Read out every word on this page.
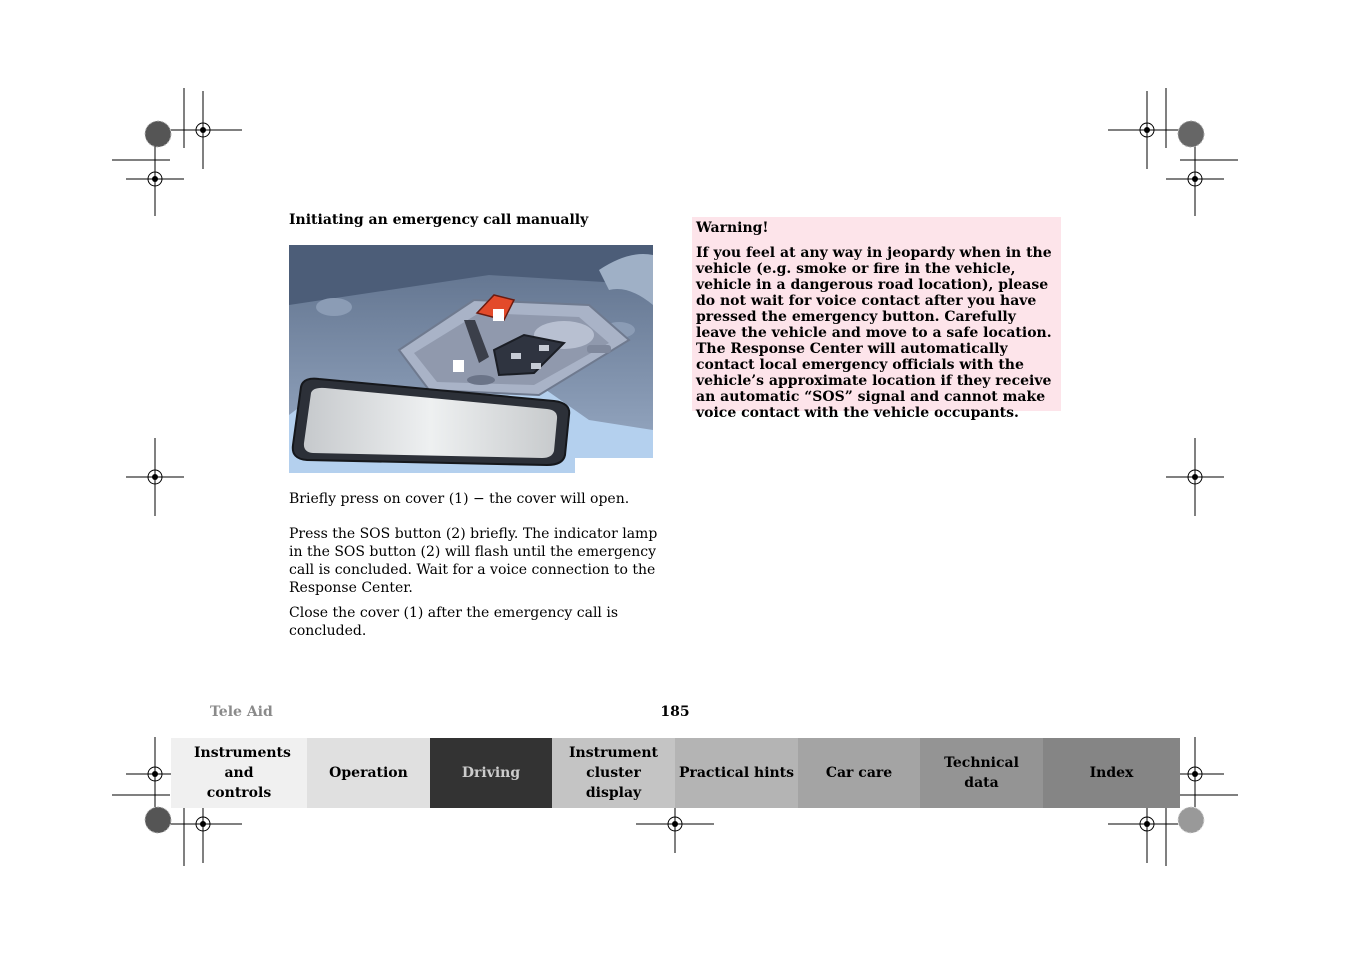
Initiating an emergency call manually
Briefly press on cover (1) − the cover will open.
Press the SOS button (2) briefly. The indicator lamp in the SOS button (2) will flash until the emergency call is concluded. Wait for a voice connection to the Response Center.
Close the cover (1) after the emergency call is concluded.
Warning!
If you feel at any way in jeopardy when in the vehicle (e.g. smoke or fire in the vehicle, vehicle in a dangerous road location), please do not wait for voice contact after you have pressed the emergency button. Carefully leave the vehicle and move to a safe location. The Response Center will automatically contact local emergency officials with the vehicle’s approximate location if they receive an automatic “SOS” signal and cannot make voice contact with the vehicle occupants.
Tele Aid	185
Instruments and controls
Operation	Driving
Instrument cluster display
Practical hints Car care
Technical data
Index
